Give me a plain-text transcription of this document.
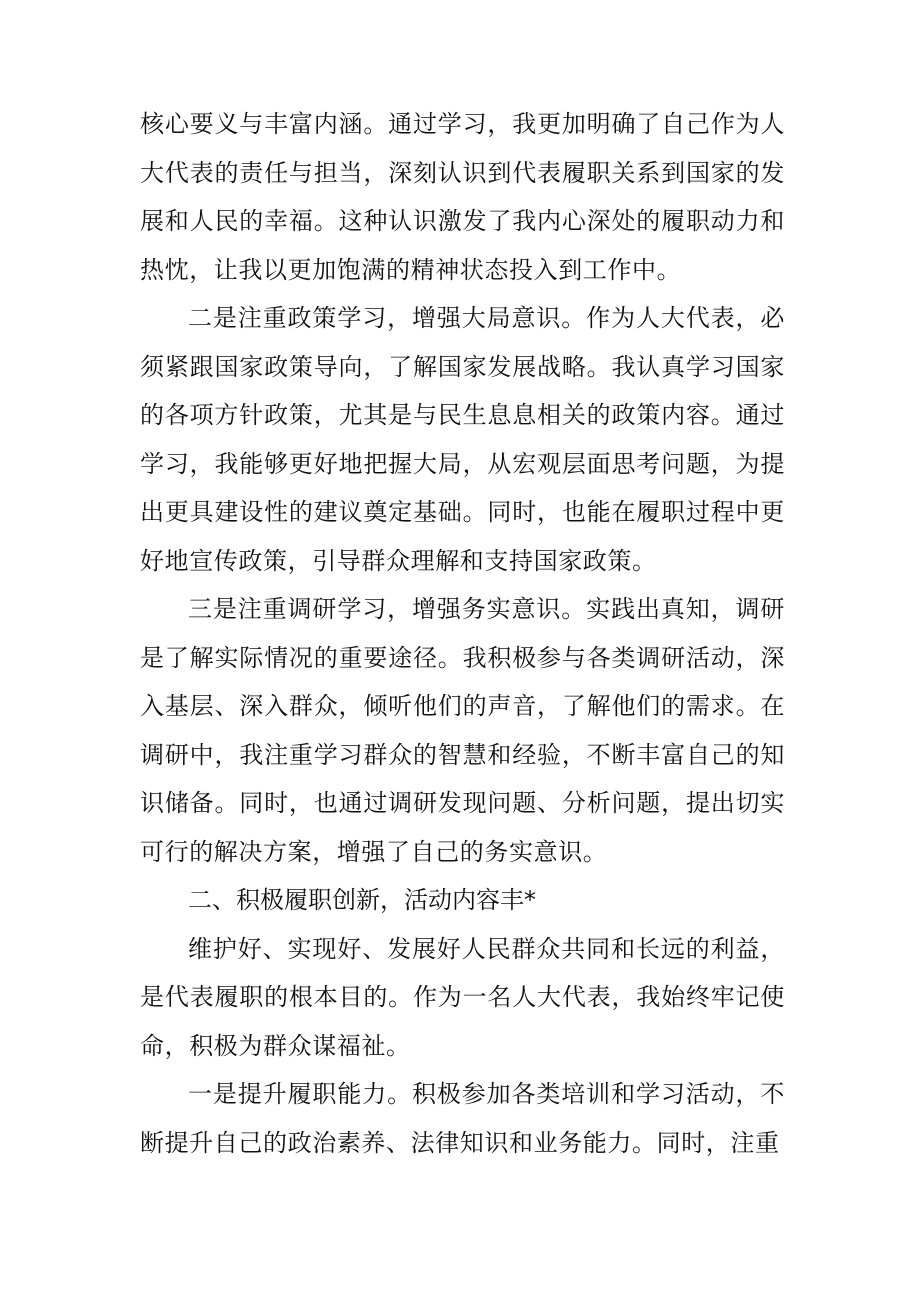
核心要义与丰富内涵。通过学习，我更加明确了自己作为人大代表的责任与担当，深刻认识到代表履职关系到国家的发展和人民的幸福。这种认识激发了我内心深处的履职动力和热忱，让我以更加饱满的精神状态投入到工作中。

二是注重政策学习，增强大局意识。作为人大代表，必须紧跟国家政策导向，了解国家发展战略。我认真学习国家的各项方针政策，尤其是与民生息息相关的政策内容。通过学习，我能够更好地把握大局，从宏观层面思考问题，为提出更具建设性的建议奠定基础。同时，也能在履职过程中更好地宣传政策，引导群众理解和支持国家政策。

三是注重调研学习，增强务实意识。实践出真知，调研是了解实际情况的重要途径。我积极参与各类调研活动，深入基层、深入群众，倾听他们的声音，了解他们的需求。在调研中，我注重学习群众的智慧和经验，不断丰富自己的知识储备。同时，也通过调研发现问题、分析问题，提出切实可行的解决方案，增强了自己的务实意识。

二、积极履职创新，活动内容丰*

维护好、实现好、发展好人民群众共同和长远的利益，是代表履职的根本目的。作为一名人大代表，我始终牢记使命，积极为群众谋福祉。

一是提升履职能力。积极参加各类培训和学习活动，不断提升自己的政治素养、法律知识和业务能力。同时，注重
